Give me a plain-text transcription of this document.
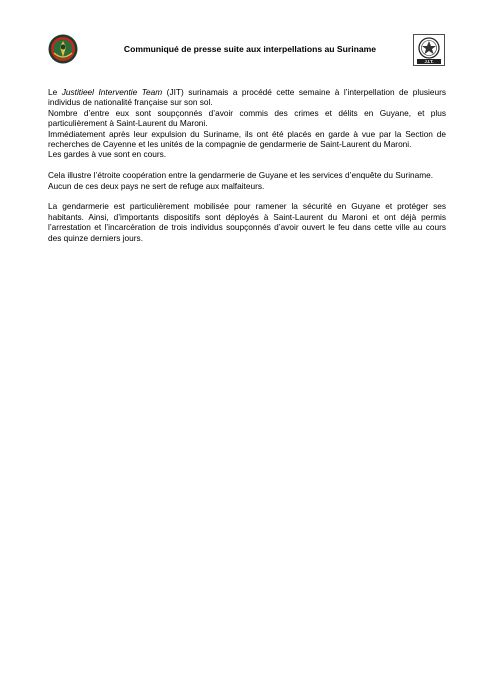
Communiqué de presse suite aux interpellations au Suriname
J.I.T.
Le Justitieel Interventie Team (JIT) surinamais a procédé cette semaine à l’interpellation de plusieurs individus de nationalité française sur son sol.
Nombre d’entre eux sont soupçonnés d’avoir commis des crimes et délits en Guyane, et plus particulièrement à Saint-Laurent du Maroni.
Immédiatement après leur expulsion du Suriname, ils ont été placés en garde à vue par la Section de recherches de Cayenne et les unités de la compagnie de gendarmerie de Saint-Laurent du Maroni.
Les gardes à vue sont en cours.
Cela illustre l’étroite coopération entre la gendarmerie de Guyane et les services d’enquête du Suriname.
Aucun de ces deux pays ne sert de refuge aux malfaiteurs.
La gendarmerie est particulièrement mobilisée pour ramener la sécurité en Guyane et protéger ses habitants. Ainsi, d’importants dispositifs sont déployés à Saint-Laurent du Maroni et ont déjà permis l’arrestation et l’incarcération de trois individus soupçonnés d’avoir ouvert le feu dans cette ville au cours des quinze derniers jours.
